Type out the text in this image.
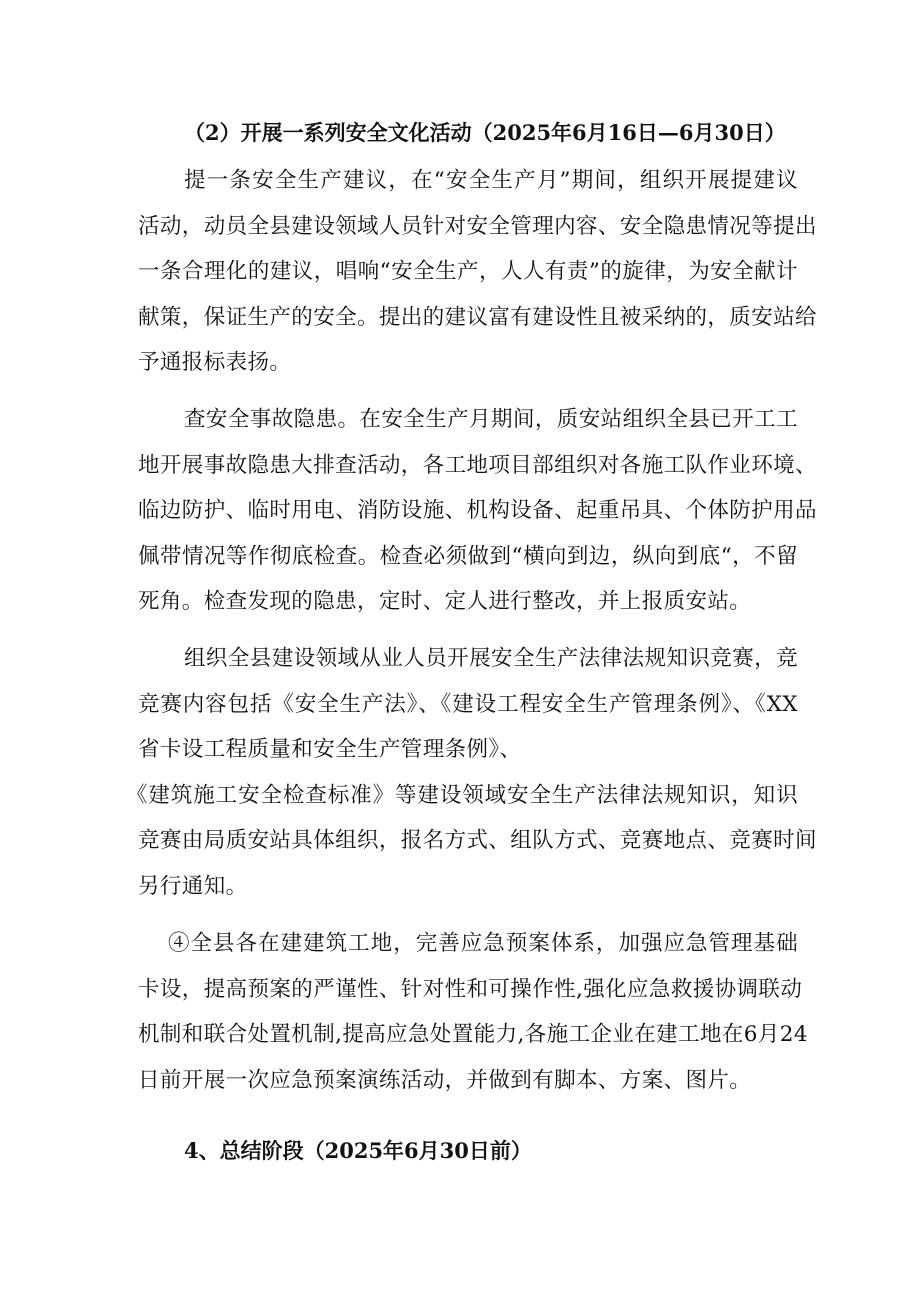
（2）开展一系列安全文化活动（2025年6月16日—6月30日）

提一条安全生产建议，在“安全生产月”期间，组织开展提建议
活动，动员全县建设领域人员针对安全管理内容、安全隐患情况等提出
一条合理化的建议，唱响“安全生产，人人有责”的旋律，为安全献计
献策，保证生产的安全。提出的建议富有建设性且被采纳的，质安站给
予通报标表扬。
查安全事故隐患。在安全生产月期间，质安站组织全县已开工工
地开展事故隐患大排查活动，各工地项目部组织对各施工队作业环境、
临边防护、临时用电、消防设施、机构设备、起重吊具、个体防护用品
佩带情况等作彻底检查。检查必须做到“横向到边，纵向到底“，不留
死角。检查发现的隐患，定时、定人进行整改，并上报质安站。
组织全县建设领域从业人员开展安全生产法律法规知识竞赛，竞
竞赛内容包括《安全生产法》、《建设工程安全生产管理条例》、《XX
省卡设工程质量和安全生产管理条例》、
《建筑施工安全检查标准》等建设领域安全生产法律法规知识，知识
竞赛由局质安站具体组织，报名方式、组队方式、竞赛地点、竞赛时间
另行通知。
④全县各在建建筑工地，完善应急预案体系，加强应急管理基础
卡设，提高预案的严谨性、针对性和可操作性,强化应急救援协调联动
机制和联合处置机制,提高应急处置能力,各施工企业在建工地在6月24
日前开展一次应急预案演练活动，并做到有脚本、方案、图片。

4、总结阶段（2025年6月30日前）
